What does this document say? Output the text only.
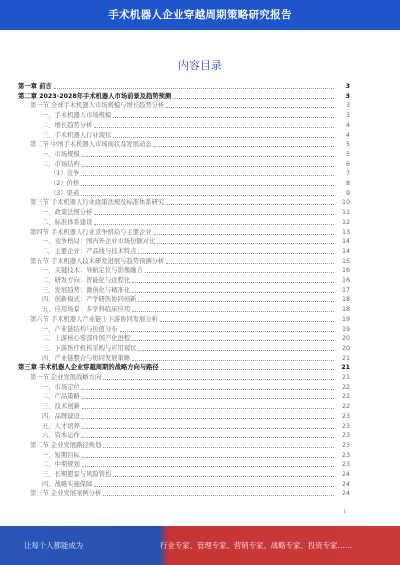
手术机器人企业穿越周期策略研究报告
内容目录
第一章 前言	3
第二章 2023-2028年手术机器人市场前景及趋势预测	3
第一节 全球手术机器人市场规模与增长趋势分析	3
一、手术机器人市场规模	3
二、增长趋势分析	4
三、手术机器人行业现状	4
第二节 中国手术机器人市场现状及发展动态	5
一、市场规模	5
二、市场结构	6
（1）竞争	7
（2）价格	8
（3）渠道	9
第三节 手术机器人行业政策法规及标准体系研究	10
一、政策法规分析	11
二、标准体系建设	12
第四节 手术机器人行业竞争格局与主要企业	13
一、竞争格局：国内外企业市场份额对比	14
二、主要企业：产品线与技术特点	14
第五节 手术机器人技术研发进展与趋势预测分析	15
一、关键技术：导航定位与影像融合	16
二、研发方向：智能化与远程化	16
三、发展趋势：微创化与精准化	17
四、创新模式：产学研医协同创新	18
五、应用场景：多学科临床应用	18
第六节 手术机器人产业链上下游协同发展分析	19
一、产业链结构与价值分布	19
二、上游核心零部件国产化进程	20
三、下游医疗机构采购与应用现状	20
四、产业链整合与协同发展策略	21
第三章 手术机器人企业穿越周期的战略方向与路径	21
第一节 企业发展战略方向	21
一、市场定位	22
二、产品策略	22
三、技术创新	22
四、品牌建设	23
五、人才培养	23
六、资本运作	23
第二节 企业发展路径规划	23
一、短期目标	23
二、中期规划	23
三、长期愿景与风险管控	24
四、战略实施保障	24
第三节 企业发展案例分析	24
1
让每个人都能成为	行业专家、管理专家、营销专家、战略专家、投资专家……
